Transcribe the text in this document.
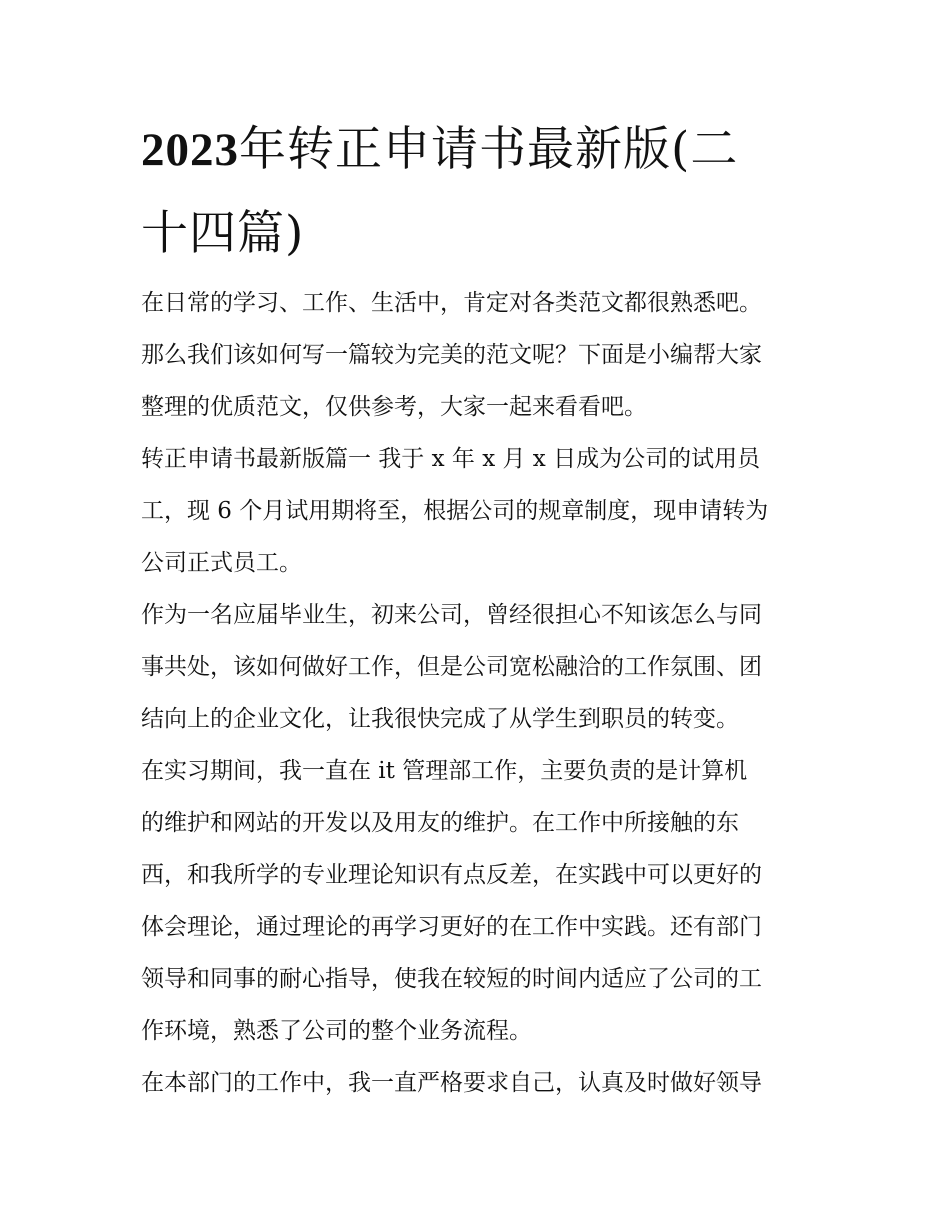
2023年转正申请书最新版(二
十四篇)
在日常的学习、工作、生活中，肯定对各类范文都很熟悉吧。
那么我们该如何写一篇较为完美的范文呢？下面是小编帮大家
整理的优质范文，仅供参考，大家一起来看看吧。
转正申请书最新版篇一 我于 x 年 x 月 x 日成为公司的试用员
工，现 6 个月试用期将至，根据公司的规章制度，现申请转为
公司正式员工。
作为一名应届毕业生，初来公司，曾经很担心不知该怎么与同
事共处，该如何做好工作，但是公司宽松融洽的工作氛围、团
结向上的企业文化，让我很快完成了从学生到职员的转变。
在实习期间，我一直在 it 管理部工作，主要负责的是计算机
的维护和网站的开发以及用友的维护。在工作中所接触的东
西，和我所学的专业理论知识有点反差，在实践中可以更好的
体会理论，通过理论的再学习更好的在工作中实践。还有部门
领导和同事的耐心指导，使我在较短的时间内适应了公司的工
作环境，熟悉了公司的整个业务流程。
在本部门的工作中，我一直严格要求自己，认真及时做好领导
